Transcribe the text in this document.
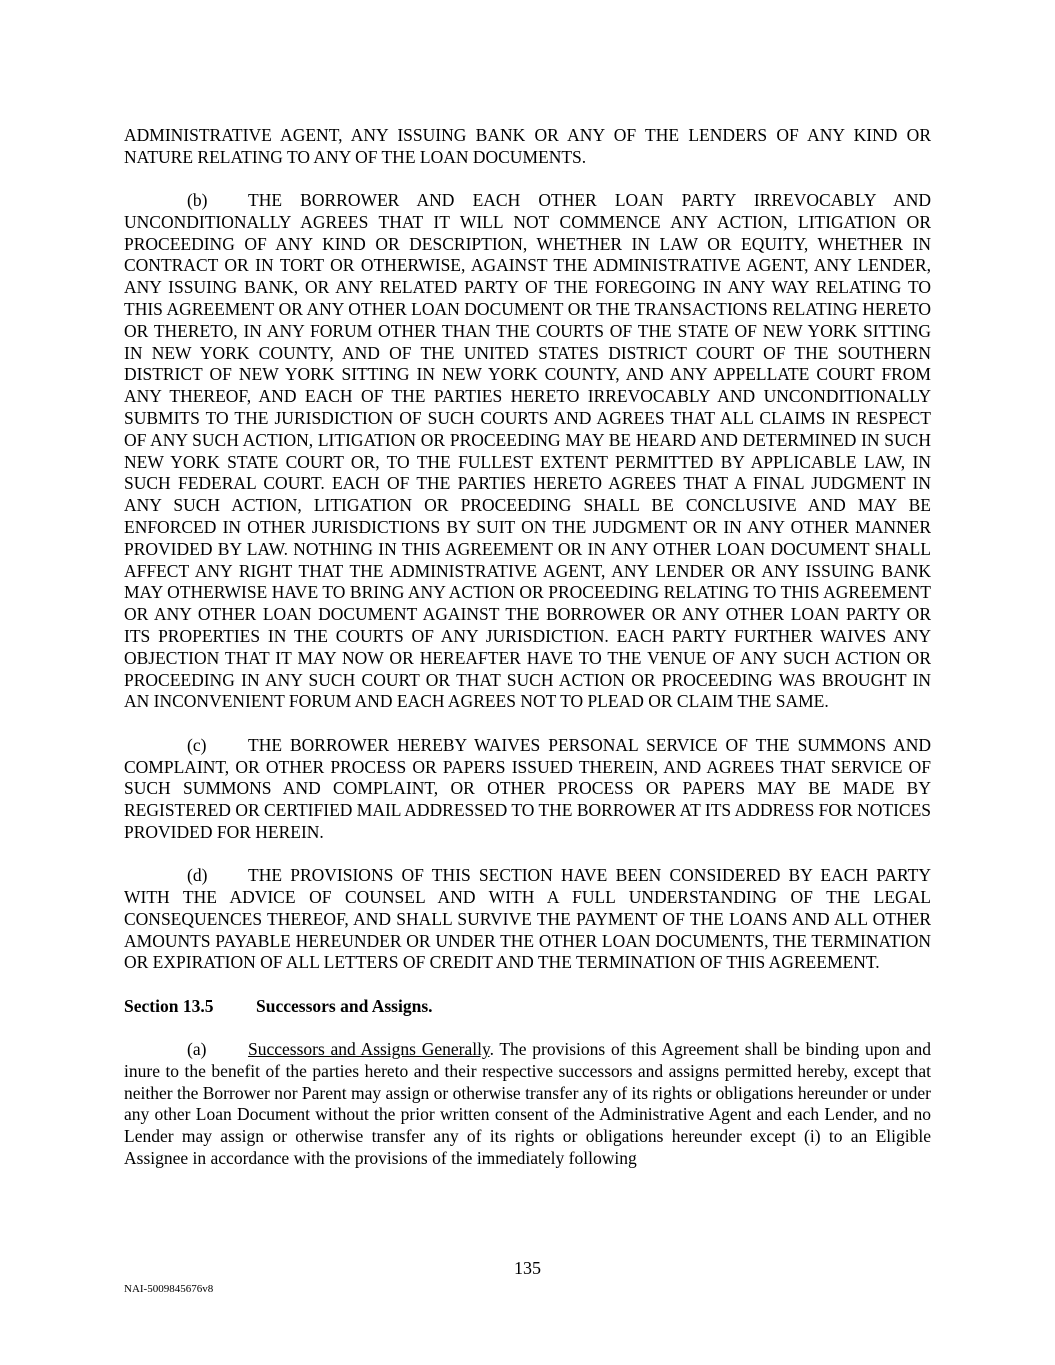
ADMINISTRATIVE AGENT, ANY ISSUING BANK OR ANY OF THE LENDERS OF ANY KIND OR NATURE RELATING TO ANY OF THE LOAN DOCUMENTS.

(b) THE BORROWER AND EACH OTHER LOAN PARTY IRREVOCABLY AND UNCONDITIONALLY AGREES THAT IT WILL NOT COMMENCE ANY ACTION, LITIGATION OR PROCEEDING OF ANY KIND OR DESCRIPTION, WHETHER IN LAW OR EQUITY, WHETHER IN CONTRACT OR IN TORT OR OTHERWISE, AGAINST THE ADMINISTRATIVE AGENT, ANY LENDER, ANY ISSUING BANK, OR ANY RELATED PARTY OF THE FOREGOING IN ANY WAY RELATING TO THIS AGREEMENT OR ANY OTHER LOAN DOCUMENT OR THE TRANSACTIONS RELATING HERETO OR THERETO, IN ANY FORUM OTHER THAN THE COURTS OF THE STATE OF NEW YORK SITTING IN NEW YORK COUNTY, AND OF THE UNITED STATES DISTRICT COURT OF THE SOUTHERN DISTRICT OF NEW YORK SITTING IN NEW YORK COUNTY, AND ANY APPELLATE COURT FROM ANY THEREOF, AND EACH OF THE PARTIES HERETO IRREVOCABLY AND UNCONDITIONALLY SUBMITS TO THE JURISDICTION OF SUCH COURTS AND AGREES THAT ALL CLAIMS IN RESPECT OF ANY SUCH ACTION, LITIGATION OR PROCEEDING MAY BE HEARD AND DETERMINED IN SUCH NEW YORK STATE COURT OR, TO THE FULLEST EXTENT PERMITTED BY APPLICABLE LAW, IN SUCH FEDERAL COURT. EACH OF THE PARTIES HERETO AGREES THAT A FINAL JUDGMENT IN ANY SUCH ACTION, LITIGATION OR PROCEEDING SHALL BE CONCLUSIVE AND MAY BE ENFORCED IN OTHER JURISDICTIONS BY SUIT ON THE JUDGMENT OR IN ANY OTHER MANNER PROVIDED BY LAW. NOTHING IN THIS AGREEMENT OR IN ANY OTHER LOAN DOCUMENT SHALL AFFECT ANY RIGHT THAT THE ADMINISTRATIVE AGENT, ANY LENDER OR ANY ISSUING BANK MAY OTHERWISE HAVE TO BRING ANY ACTION OR PROCEEDING RELATING TO THIS AGREEMENT OR ANY OTHER LOAN DOCUMENT AGAINST THE BORROWER OR ANY OTHER LOAN PARTY OR ITS PROPERTIES IN THE COURTS OF ANY JURISDICTION. EACH PARTY FURTHER WAIVES ANY OBJECTION THAT IT MAY NOW OR HEREAFTER HAVE TO THE VENUE OF ANY SUCH ACTION OR PROCEEDING IN ANY SUCH COURT OR THAT SUCH ACTION OR PROCEEDING WAS BROUGHT IN AN INCONVENIENT FORUM AND EACH AGREES NOT TO PLEAD OR CLAIM THE SAME.

(c) THE BORROWER HEREBY WAIVES PERSONAL SERVICE OF THE SUMMONS AND COMPLAINT, OR OTHER PROCESS OR PAPERS ISSUED THEREIN, AND AGREES THAT SERVICE OF SUCH SUMMONS AND COMPLAINT, OR OTHER PROCESS OR PAPERS MAY BE MADE BY REGISTERED OR CERTIFIED MAIL ADDRESSED TO THE BORROWER AT ITS ADDRESS FOR NOTICES PROVIDED FOR HEREIN.

(d) THE PROVISIONS OF THIS SECTION HAVE BEEN CONSIDERED BY EACH PARTY WITH THE ADVICE OF COUNSEL AND WITH A FULL UNDERSTANDING OF THE LEGAL CONSEQUENCES THEREOF, AND SHALL SURVIVE THE PAYMENT OF THE LOANS AND ALL OTHER AMOUNTS PAYABLE HEREUNDER OR UNDER THE OTHER LOAN DOCUMENTS, THE TERMINATION OR EXPIRATION OF ALL LETTERS OF CREDIT AND THE TERMINATION OF THIS AGREEMENT.

Section 13.5 Successors and Assigns.

(a) Successors and Assigns Generally. The provisions of this Agreement shall be binding upon and inure to the benefit of the parties hereto and their respective successors and assigns permitted hereby, except that neither the Borrower nor Parent may assign or otherwise transfer any of its rights or obligations hereunder or under any other Loan Document without the prior written consent of the Administrative Agent and each Lender, and no Lender may assign or otherwise transfer any of its rights or obligations hereunder except (i) to an Eligible Assignee in accordance with the provisions of the immediately following

135
NAI-5009845676v8
